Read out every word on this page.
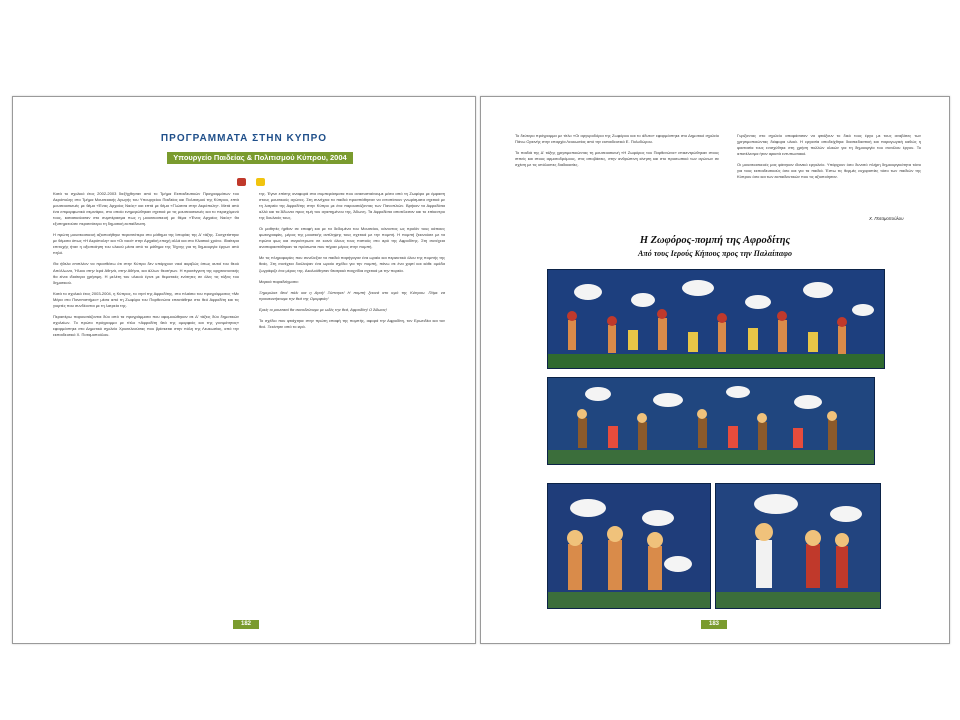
ΠΡΟΓΡΑΜΜΑΤΑ ΣΤΗΝ ΚΥΠΡΟ
Υπουργείο Παιδείας & Πολιτισμού Κύπρου, 2004

Κατά το σχολικό έτος 2002-2003 διεξήχθησαν από το Τμήμα Εκπαιδευτικών Προγραμμάτων του Ακρόπολης στο Τμήμα Μουσειακής Αγωγής του Υπουργείου Παιδείας και Πολιτισμού της Κύπρου, επτά μουσειοσκευές με θέμα «Ένας Αρχαίος Ναός» και επτά με θέμα «Γλώσσα στην Ακρόπολη». Μετά από ένα επιμορφωτικό σεμινάριο, στο οποίο ενημερώθηκαν σχετικά με τις μουσειοσκευές και το περιεχόμενό τους, κατασκεύασαν στο συμπέρασμα πως η μουσειοσκευή με θέμα «Ένας Αρχαίος Ναός» θα εξυπηρετούσε περισσότερο τη δημοτική εκπαίδευση.

Η πρώτη μουσειοσκευή αξιοποιήθηκε περισσότερο στο μάθημα της Ιστορίας της Δ' τάξης. Συσχετίστηκε με θέματα όπως «Η Ακρόπολη» και «Οι ναοί» στην Αρχαϊκή εποχή αλλά και στο Κλασικό χρόνο. Ιδιαίτερα επιτυχής ήταν η αξιοποίηση του υλικού μέσα από το μάθημα της Τέχνης για τη δημιουργία έργων από πηλό.

Θα ήθελα επιπλέον να προσθέσω ότι στην Κύπρο δεν υπάρχουν ναοί ακριβώς όπως αυτοί του θεού Απόλλωνα, Ήλιου στην Ιερά Αθηνά, στην Αθήνα, και άλλων θεοτήτων. Η προσέγγιση της αρχιτεκτονικής θα είναι ιδιαίτερα χρήσιμη. Η μελέτη του υλικού έγινε με θεματικές ενότητες σε όλες τις τάξεις του δημοτικού.

Κατά το σχολικό έτος 2003-2004, η Κύπρος, το νησί της Αφροδίτης, στο πλαίσιο του προγράμματος «Με Μέρα στο Πανεπιστήμιο» μέσα από τη Ζωφόρο του Παρθενώνα επεκτάθηκε στο θεό Αφροδίτη και τις γιορτές που συνδέονται με τη λατρεία της.

Περαιτέρω παρουσιάζονται δύο από τα προγράμματα που αφομοιώθηκαν σε Δ' τάξεις δύο δημοτικών σχολείων. Το πρώτο πρόγραμμα με τίτλο «Αφροδίτη θεά της ομορφιάς και της γονιμότητας» εφαρμόστηκε στο Δημοτικό σχολείο Χρυσελεούσας που βρίσκεται στην πόλη της Λευκωσίας, από την εκπαιδευτικό Χ. Ποταμοπούλου.

της. Έγινε επίσης αναφορά στα συμπεράσματα που ανασυσταίνουμε μέσα από τη Ζωφόρο με έμφαση στους μουσικούς αγώνες. Στη συνέχεια τα παιδιά προσπάθησαν να εντοπίσουν γνωρίσματα σχετικά με τη λατρεία της Αφροδίτης στην Κύπρο με ένα παρουσιάζοντας των Πανοπλιών. Βρήκαν τα Αφροδίσια αλλά και τα Άδωνια προς τιμή του αγαπημένου της, Άδωνη. Τα Αφροδίσια αποτέλεσαν και το επίκεντρο της δουλειάς τους.

Οι μαθητές ήρθαν σε επαφή και με τα δεδομένα του Μουσείου, κάνοντας ως προϊόν τους κάποιες φωτογραφίες, μέρος της μουσικής αντίληψης τους σχετικά με την πομπή. Η πομπή ξεκινούσε με τα πρώτα φως και συγκέντρωνε σε κοινό όλους τους πιστούς στο ιερό της Αφροδίτης. Στη συνέχεια αναπαραστάθηκαν τα πρόσωπα που πήραν μέρος στην πομπή.

Με τις πληροφορίες που συνέλεξαν τα παιδιά παρήγαγαν ένα ωραίο και περιεκτικό όλου της πομπής της θεάς. Στη συνέχεια δούλεψαν ένα ωραίο σχέδιο για την πομπή, πάνω σε ένα χαρτί και κάθε ομάδα ζωγράφιζε ένα μέρος της. Ακολούθησαν θεατρικά παιχνίδια σχετικά με την πορεία.

Μερικά παραδείγματα:

Ξημερώσε θεοί πάλι και η Αγνή! Ξύπνησε! Η πομπή ξεκινά στο ιερό της Κύπρου. Πάμε να προσκυνήσουμε την θεά της Ομορφιάς!

Εμείς οι μουσικοί θα συνοδεύουμε με ωδές την θεά, Αφροδίτη! Ο Άδωνις!

Το σχέδιο που φτιάχτηκε στην πρώτη επαφή της πομπής, αφορά την Αφροδίτη, τον Ερωτιδέα και τον θεό. Ξεκίνησε από το ιερό.

182

Το δεύτερο πρόγραμμα με τίτλο «Οι αργυροδόροι της Ζωφόρου και το άδυτο» εφαρμόστηκε στο Δημοτικό σχολείο Πάνω Ορεινής στην επαρχία Λευκωσίας από την εκπαιδευτικό Ε. Πολυδώρου.

Το παιδιά της Δ' τάξης χρησιμοποιώντας τη μουσειοσκευή «Η Ζωφόρος του Παρθενώνα» επικεντρώθηκαν στους ιππείς και στους αρματοδρόμους, στις αποβάσεις, στην ανθρώπινη κίνηση και στο προσωπικό των αγώνων σε σχέση με τις υπόλοιπες διαδικασίες.

Γυρίζοντας στο σχολείο αποφάσισαν να φτιάξουν το δικό τους έργο με τους αναβάτες των χρησιμοποιώντας διάφορα υλικά. Η εργασία αποδείχθηκε διασκεδαστική και παραγωγική καθώς η φαντασία τους ενισχύθηκε στη χρήση πολλών υλικών για τη δημιουργία του συνόλου έργου. Το αποτέλεσμα ήταν αρκετά εντυπωσιακό.

Οι μουσειοσκευές μας φάνηκαν ιδανικό εργαλείο. Υπάρχουν όσο δυνατό πλήρη δημιουργικότητα τόσο για τους εκπαιδευτικούς όσο και για τα παιδιά. Έστω τις θερμές ευχαριστίες τόσο των παιδιών της Κύπρου όσο και των εκπαιδευτικών που τις αξιοποίησαν.

Χ. Ποταμοπούλου
Η Ζωφόρος-πομπή της Αφροδίτης
Από τους Ιερούς Κήπους προς την Παλαίπαφο
183
